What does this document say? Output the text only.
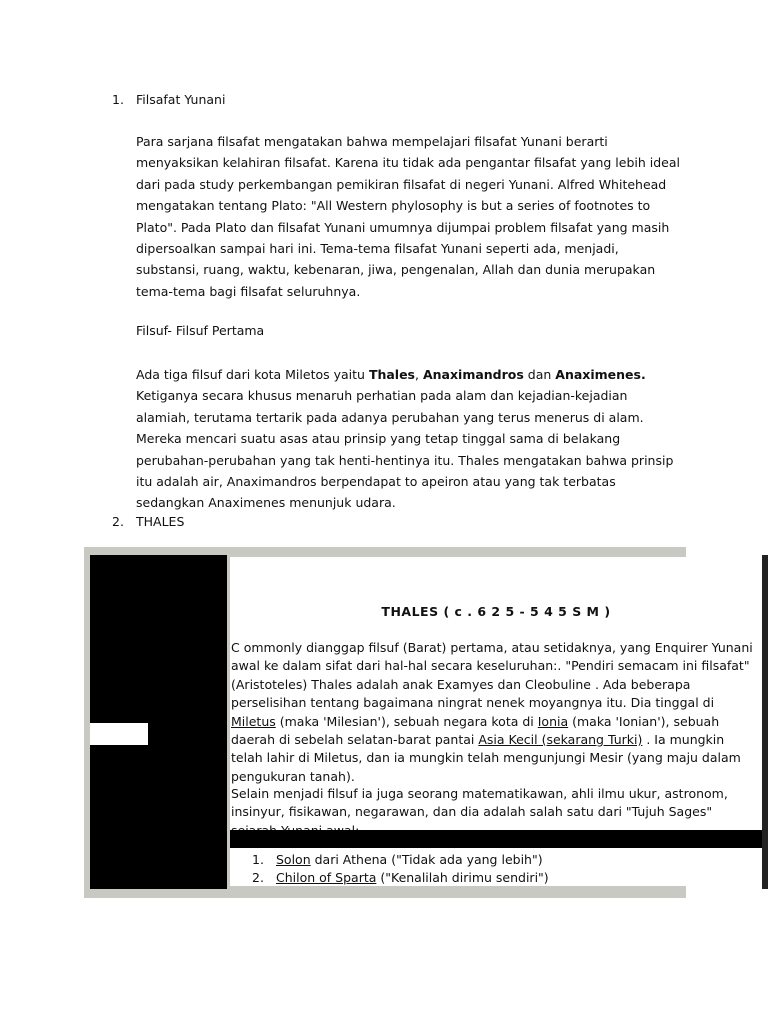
1. Filsafat Yunani

Para sarjana filsafat mengatakan bahwa mempelajari filsafat Yunani berarti menyaksikan kelahiran filsafat. Karena itu tidak ada pengantar filsafat yang lebih ideal dari pada study perkembangan pemikiran filsafat di negeri Yunani. Alfred Whitehead mengatakan tentang Plato: "All Western phylosophy is but a series of footnotes to Plato". Pada Plato dan filsafat Yunani umumnya dijumpai problem filsafat yang masih dipersoalkan sampai hari ini. Tema-tema filsafat Yunani seperti ada, menjadi, substansi, ruang, waktu, kebenaran, jiwa, pengenalan, Allah dan dunia merupakan tema-tema bagi filsafat seluruhnya.

Filsuf- Filsuf Pertama

Ada tiga filsuf dari kota Miletos yaitu Thales, Anaximandros dan Anaximenes. Ketiganya secara khusus menaruh perhatian pada alam dan kejadian-kejadian alamiah, terutama tertarik pada adanya perubahan yang terus menerus di alam. Mereka mencari suatu asas atau prinsip yang tetap tinggal sama di belakang perubahan-perubahan yang tak henti-hentinya itu. Thales mengatakan bahwa prinsip itu adalah air, Anaximandros berpendapat to apeiron atau yang tak terbatas sedangkan Anaximenes menunjuk udara.

2. THALES
THALES ( c . 6 2 5 - 5 4 5 S M )

C ommonly dianggap filsuf (Barat) pertama, atau setidaknya, yang Enquirer Yunani awal ke dalam sifat dari hal-hal secara keseluruhan:. "Pendiri semacam ini filsafat" (Aristoteles) Thales adalah anak Examyes dan Cleobuline . Ada beberapa perselisihan tentang bagaimana ningrat nenek moyangnya itu. Dia tinggal di Miletus (maka 'Milesian'), sebuah negara kota di Ionia (maka 'Ionian'), sebuah daerah di sebelah selatan-barat pantai Asia Kecil (sekarang Turki) . Ia mungkin telah lahir di Miletus, dan ia mungkin telah mengunjungi Mesir (yang maju dalam pengukuran tanah).

Selain menjadi filsuf ia juga seorang matematikawan, ahli ilmu ukur, astronom, insinyur, fisikawan, negarawan, dan dia adalah salah satu dari "Tujuh Sages"

1. Solon dari Athena ("Tidak ada yang lebih")
2. Chilon of Sparta ("Kenalilah dirimu sendiri")
